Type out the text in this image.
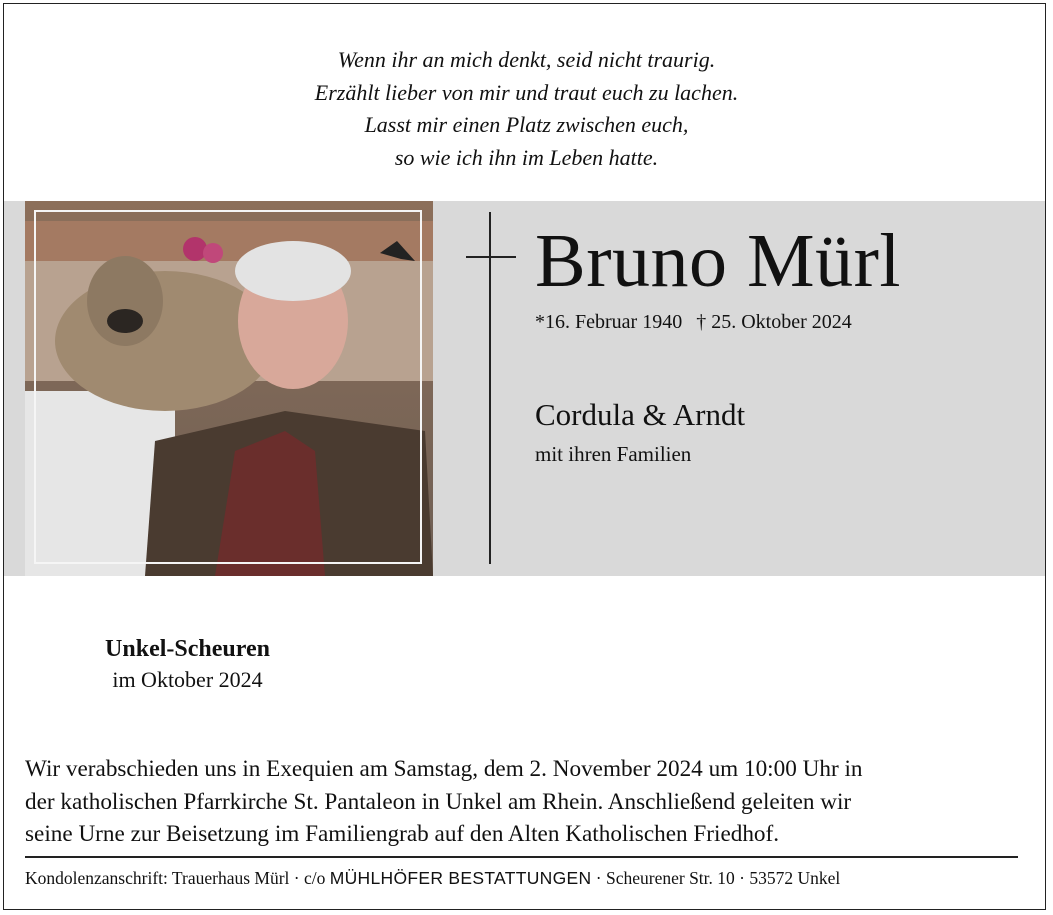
Wenn ihr an mich denkt, seid nicht traurig.
Erzählt lieber von mir und traut euch zu lachen.
Lasst mir einen Platz zwischen euch,
so wie ich ihn im Leben hatte.
Bruno Mürl
*16. Februar 1940 † 25. Oktober 2024
Cordula & Arndt
mit ihren Familien
Unkel-Scheuren
im Oktober 2024
Wir verabschieden uns in Exequien am Samstag, dem 2. November 2024 um 10:00 Uhr in
der katholischen Pfarrkirche St. Pantaleon in Unkel am Rhein. Anschließend geleiten wir
seine Urne zur Beisetzung im Familiengrab auf den Alten Katholischen Friedhof.
Kondolenzanschrift: Trauerhaus Mürl · c/o MÜHLHÖFER BESTATTUNGEN · Scheurener Str. 10 · 53572 Unkel
